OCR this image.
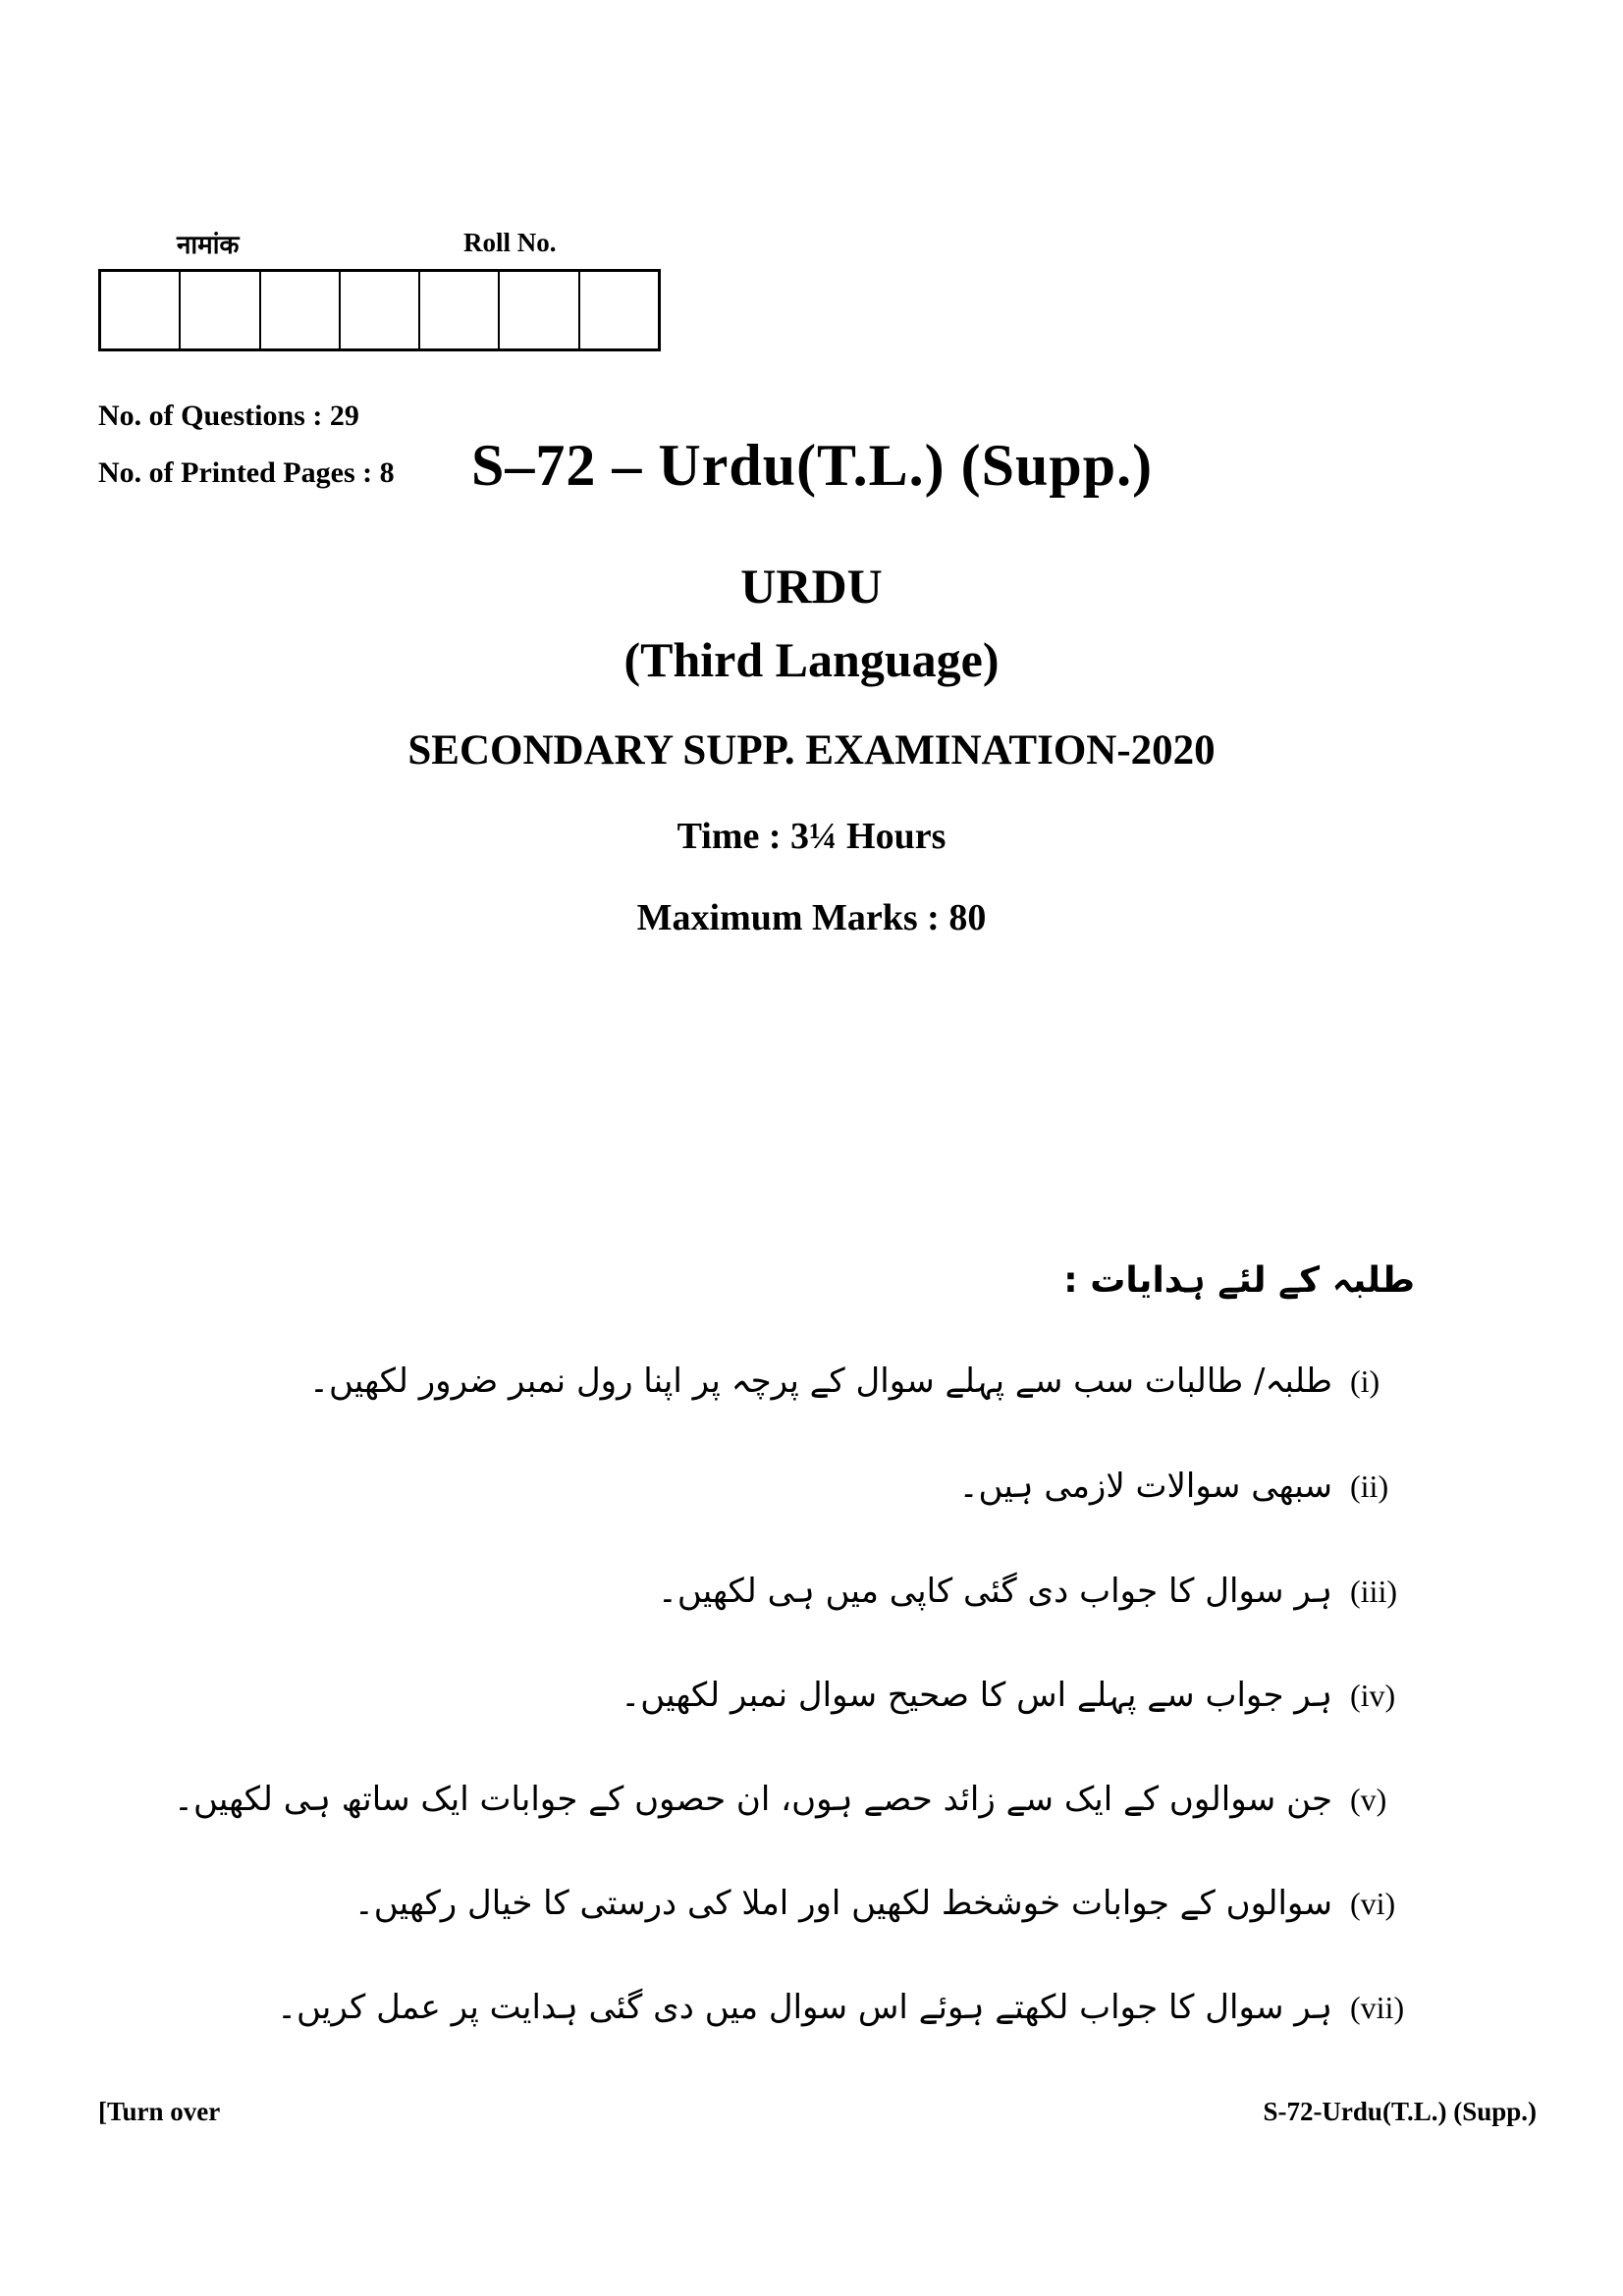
नामांक	Roll No.
No. of Questions : 29
No. of Printed Pages : 8 S–72 – Urdu(T.L.) (Supp.)
URDU
(Third Language)
SECONDARY SUPP. EXAMINATION-2020
Time : 3¼ Hours
Maximum Marks : 80
طلبہ کے لئے ہدایات :
(i)
طلبہ/ طالبات سب سے پہلے سوال کے پرچہ پر اپنا رول نمبر ضرور لکھیں۔
(ii)
سبھی سوالات لازمی ہیں۔
(iii)
ہر سوال کا جواب دی گئی کاپی میں ہی لکھیں۔
(iv)
ہر جواب سے پہلے اس کا صحیح سوال نمبر لکھیں۔
(v)
جن سوالوں کے ایک سے زائد حصے ہوں، ان حصوں کے جوابات ایک ساتھ ہی لکھیں۔
(vi)
سوالوں کے جوابات خوشخط لکھیں اور املا کی درستی کا خیال رکھیں۔
(vii)
ہر سوال کا جواب لکھتے ہوئے اس سوال میں دی گئی ہدایت پر عمل کریں۔
[Turn over	S-72-Urdu(T.L.) (Supp.)
